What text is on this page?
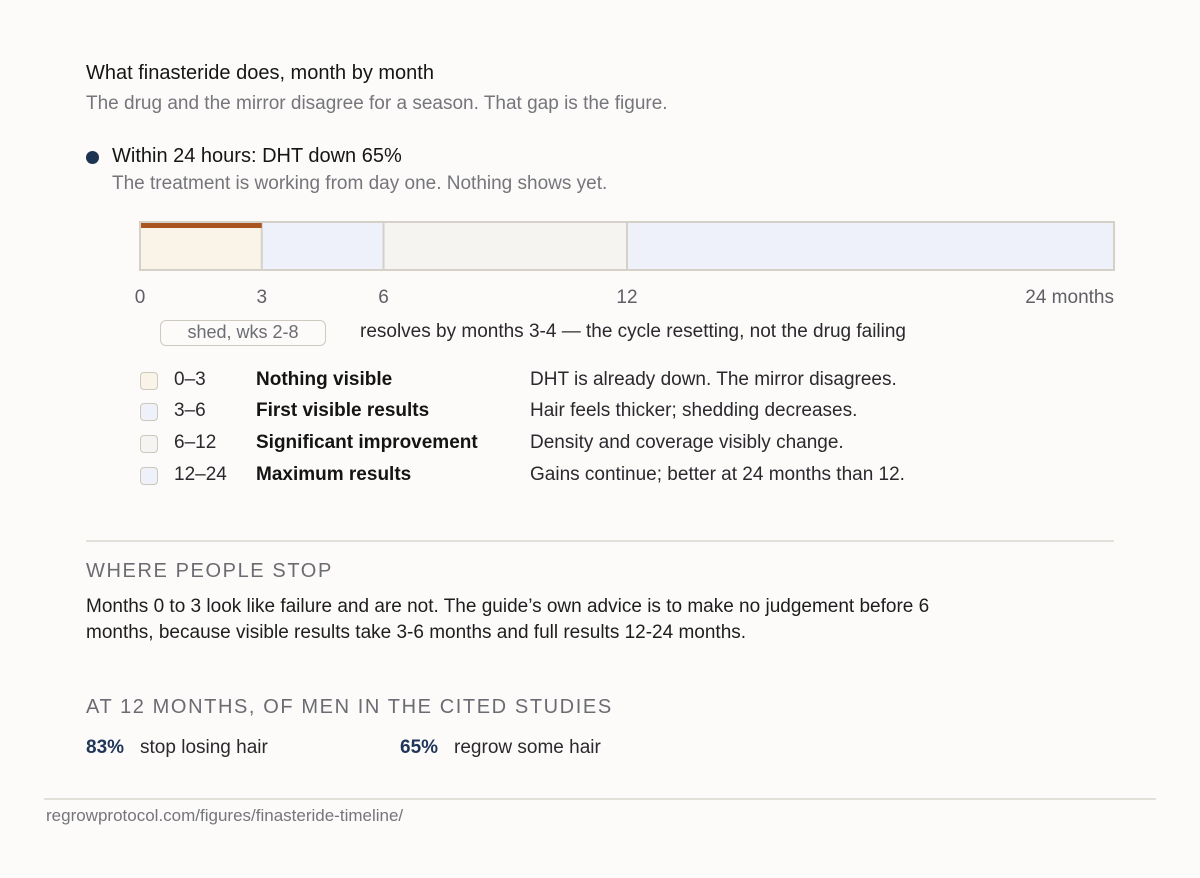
What finasteride does, month by month
The drug and the mirror disagree for a season. That gap is the figure.
Within 24 hours: DHT down 65%
The treatment is working from day one. Nothing shows yet.
0	3	6	12	24 months
shed, wks 2-8	resolves by months 3-4 — the cycle resetting, not the drug failing
0–3	Nothing visible	DHT is already down. The mirror disagrees.
3–6	First visible results	Hair feels thicker; shedding decreases.
6–12 Significant improvement	Density and coverage visibly change.
12–24 Maximum results	Gains continue; better at 24 months than 12.
WHERE PEOPLE STOP
Months 0 to 3 look like failure and are not. The guide’s own advice is to make no judgement before 6 months, because visible results take 3-6 months and full results 12-24 months.
AT 12 MONTHS, OF MEN IN THE CITED STUDIES
83% stop losing hair	65% regrow some hair
regrowprotocol.com/figures/finasteride-timeline/
